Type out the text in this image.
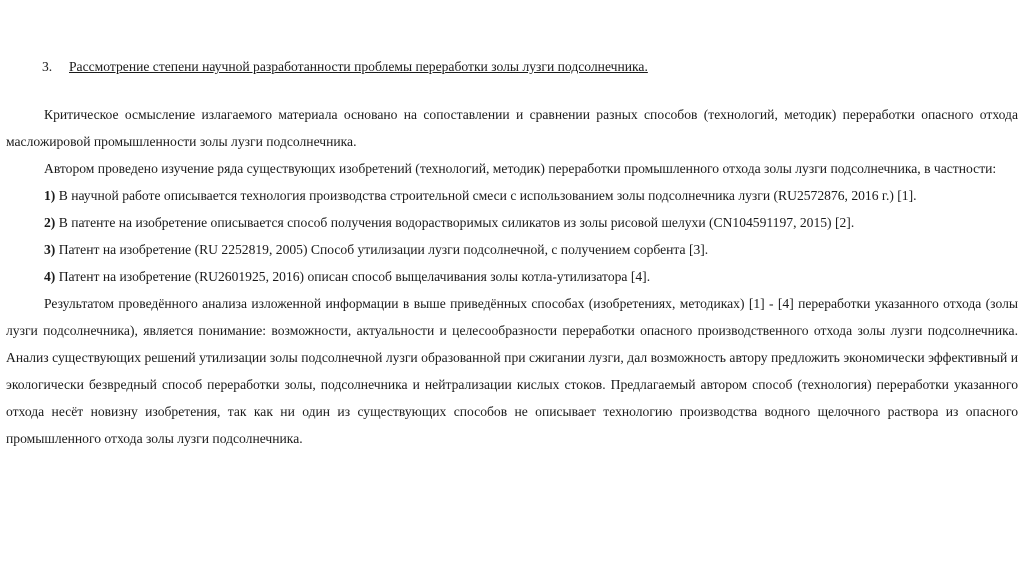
3. Рассмотрение степени научной разработанности проблемы переработки золы лузги подсолнечника.

Критическое осмысление излагаемого материала основано на сопоставлении и сравнении разных способов (технологий, методик) переработки опасного отхода масложировой промышленности золы лузги подсолнечника.

Автором проведено изучение ряда существующих изобретений (технологий, методик) переработки промышленного отхода золы лузги подсолнечника, в частности:

1) В научной работе описывается технология производства строительной смеси с использованием золы подсолнечника лузги (RU2572876, 2016 г.) [1].

2) В патенте на изобретение описывается способ получения водорастворимых силикатов из золы рисовой шелухи (CN104591197, 2015) [2].

3) Патент на изобретение (RU 2252819, 2005) Способ утилизации лузги подсолнечной, с получением сорбента [3].

4) Патент на изобретение (RU2601925, 2016) описан способ выщелачивания золы котла-утилизатора [4].

Результатом проведённого анализа изложенной информации в выше приведённых способах (изобретениях, методиках) [1] - [4] переработки указанного отхода (золы лузги подсолнечника), является понимание: возможности, актуальности и целесообразности переработки опасного производственного отхода золы лузги подсолнечника. Анализ существующих решений утилизации золы подсолнечной лузги образованной при сжигании лузги, дал возможность автору предложить экономически эффективный и экологически безвредный способ переработки золы, подсолнечника и нейтрализации кислых стоков. Предлагаемый автором способ (технология) переработки указанного отхода несёт новизну изобретения, так как ни один из существующих способов не описывает технологию производства водного щелочного раствора из опасного промышленного отхода золы лузги подсолнечника.
